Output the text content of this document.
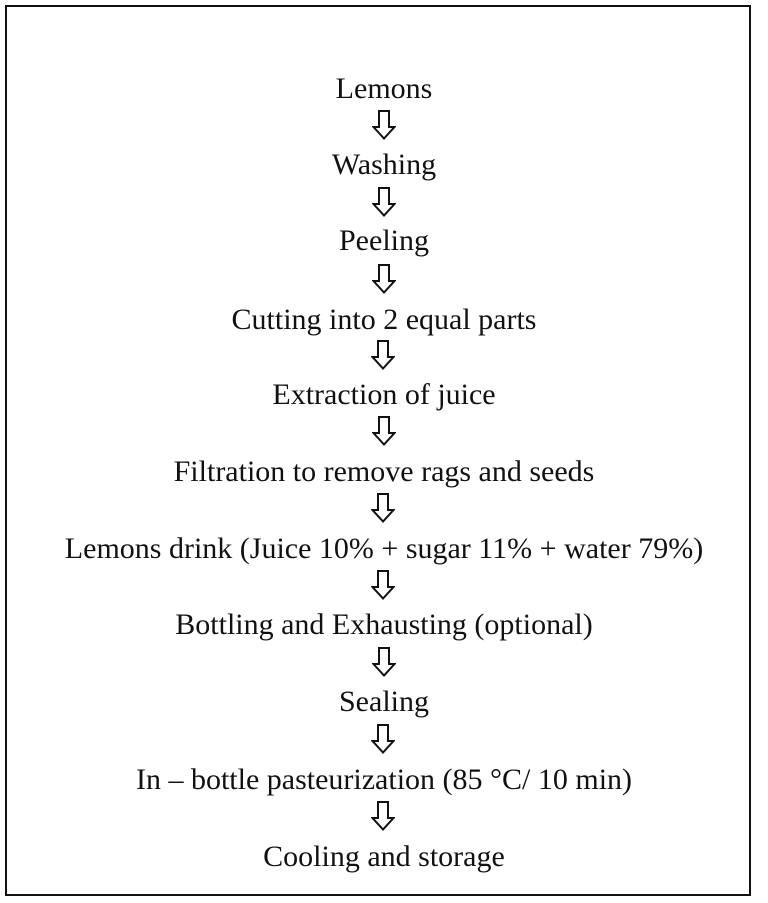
Lemons
Washing
Peeling
Cutting into 2 equal parts
Extraction of juice
Filtration to remove rags and seeds
Lemons drink (Juice 10% + sugar 11% + water 79%)
Bottling and Exhausting (optional)
Sealing
In – bottle pasteurization (85 °C/ 10 min)
Cooling and storage
